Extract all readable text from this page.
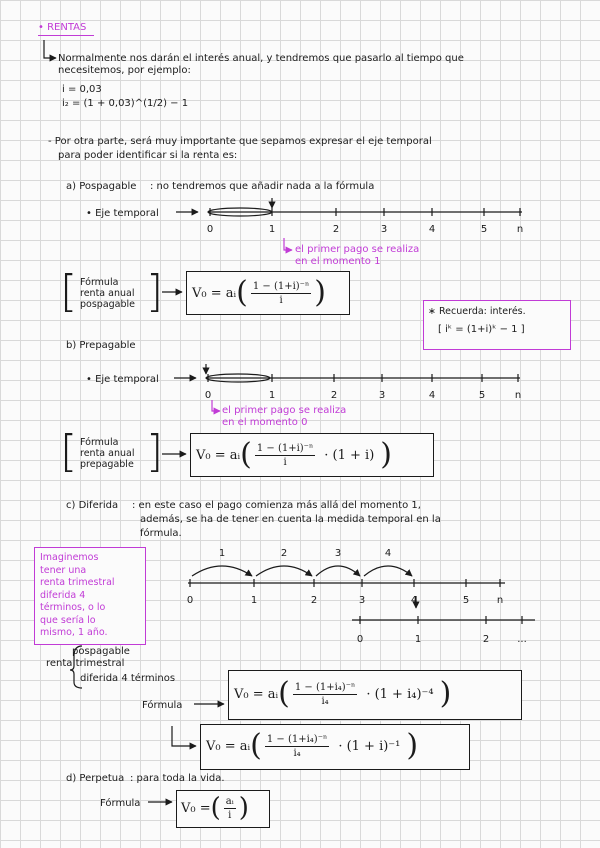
• RENTAS
Normalmente nos darán el interés anual, y tendremos que pasarlo al tiempo que
necesitemos, por ejemplo:
i = 0,03
i₂ = (1 + 0,03)^(1/2) − 1
- Por otra parte, será muy importante que sepamos expresar el eje temporal
para poder identificar si la renta es:
a) Pospagable : no tendremos que añadir nada a la fórmula
• Eje temporal
el primer pago se realiza
en el momento 1
[ Fórmula
renta anual
pospagable ] V₀ = aᵢ ( $\frac{\text{1 − (1+i)⁻ⁿ}}{i}$ )
∗ Recuerda: interés.
[ iᵏ = (1+i)ᵏ − 1 ]
b) Prepagable
• Eje temporal
el primer pago se realiza
en el momento 0
[ Fórmula
renta anual
prepagable ]	V₀ = aᵢ ( $\frac{\text{1 − (1+i)⁻ⁿ}}{i} \cdot (1 + i)$ )
c) Diferida : en este caso el pago comienza más allá del momento 1,
además, se ha de tener en cuenta la medida temporal en la
fórmula.
pospagable
renta trimestral
diferida 4 términos
Fórmula
V₀ = aᵢ ( $\frac{\text{1 − (1+i₄)⁻ⁿ}}{\text{i₄}} \cdot (1 + i_4)^{-4}$ )
V₀ = aᵢ ( $\frac{\text{1 − (1+i₄)⁻ⁿ}}{\text{i₄}} \cdot (1 + i)^{-1}$ )
d) Perpetua : para toda la vida.
Fórmula	V₀ = ( $\frac{\text{aᵢ}}{i}$ )
0	1	2	3	4	5	n
0	1	2	3	4	5	n
0	1	2	3	4	5	n
0	1	2	...
1	2	3	4
Imaginemos
tener una
renta trimestral
diferida 4
términos, o lo
que sería lo
mismo, 1 año.
